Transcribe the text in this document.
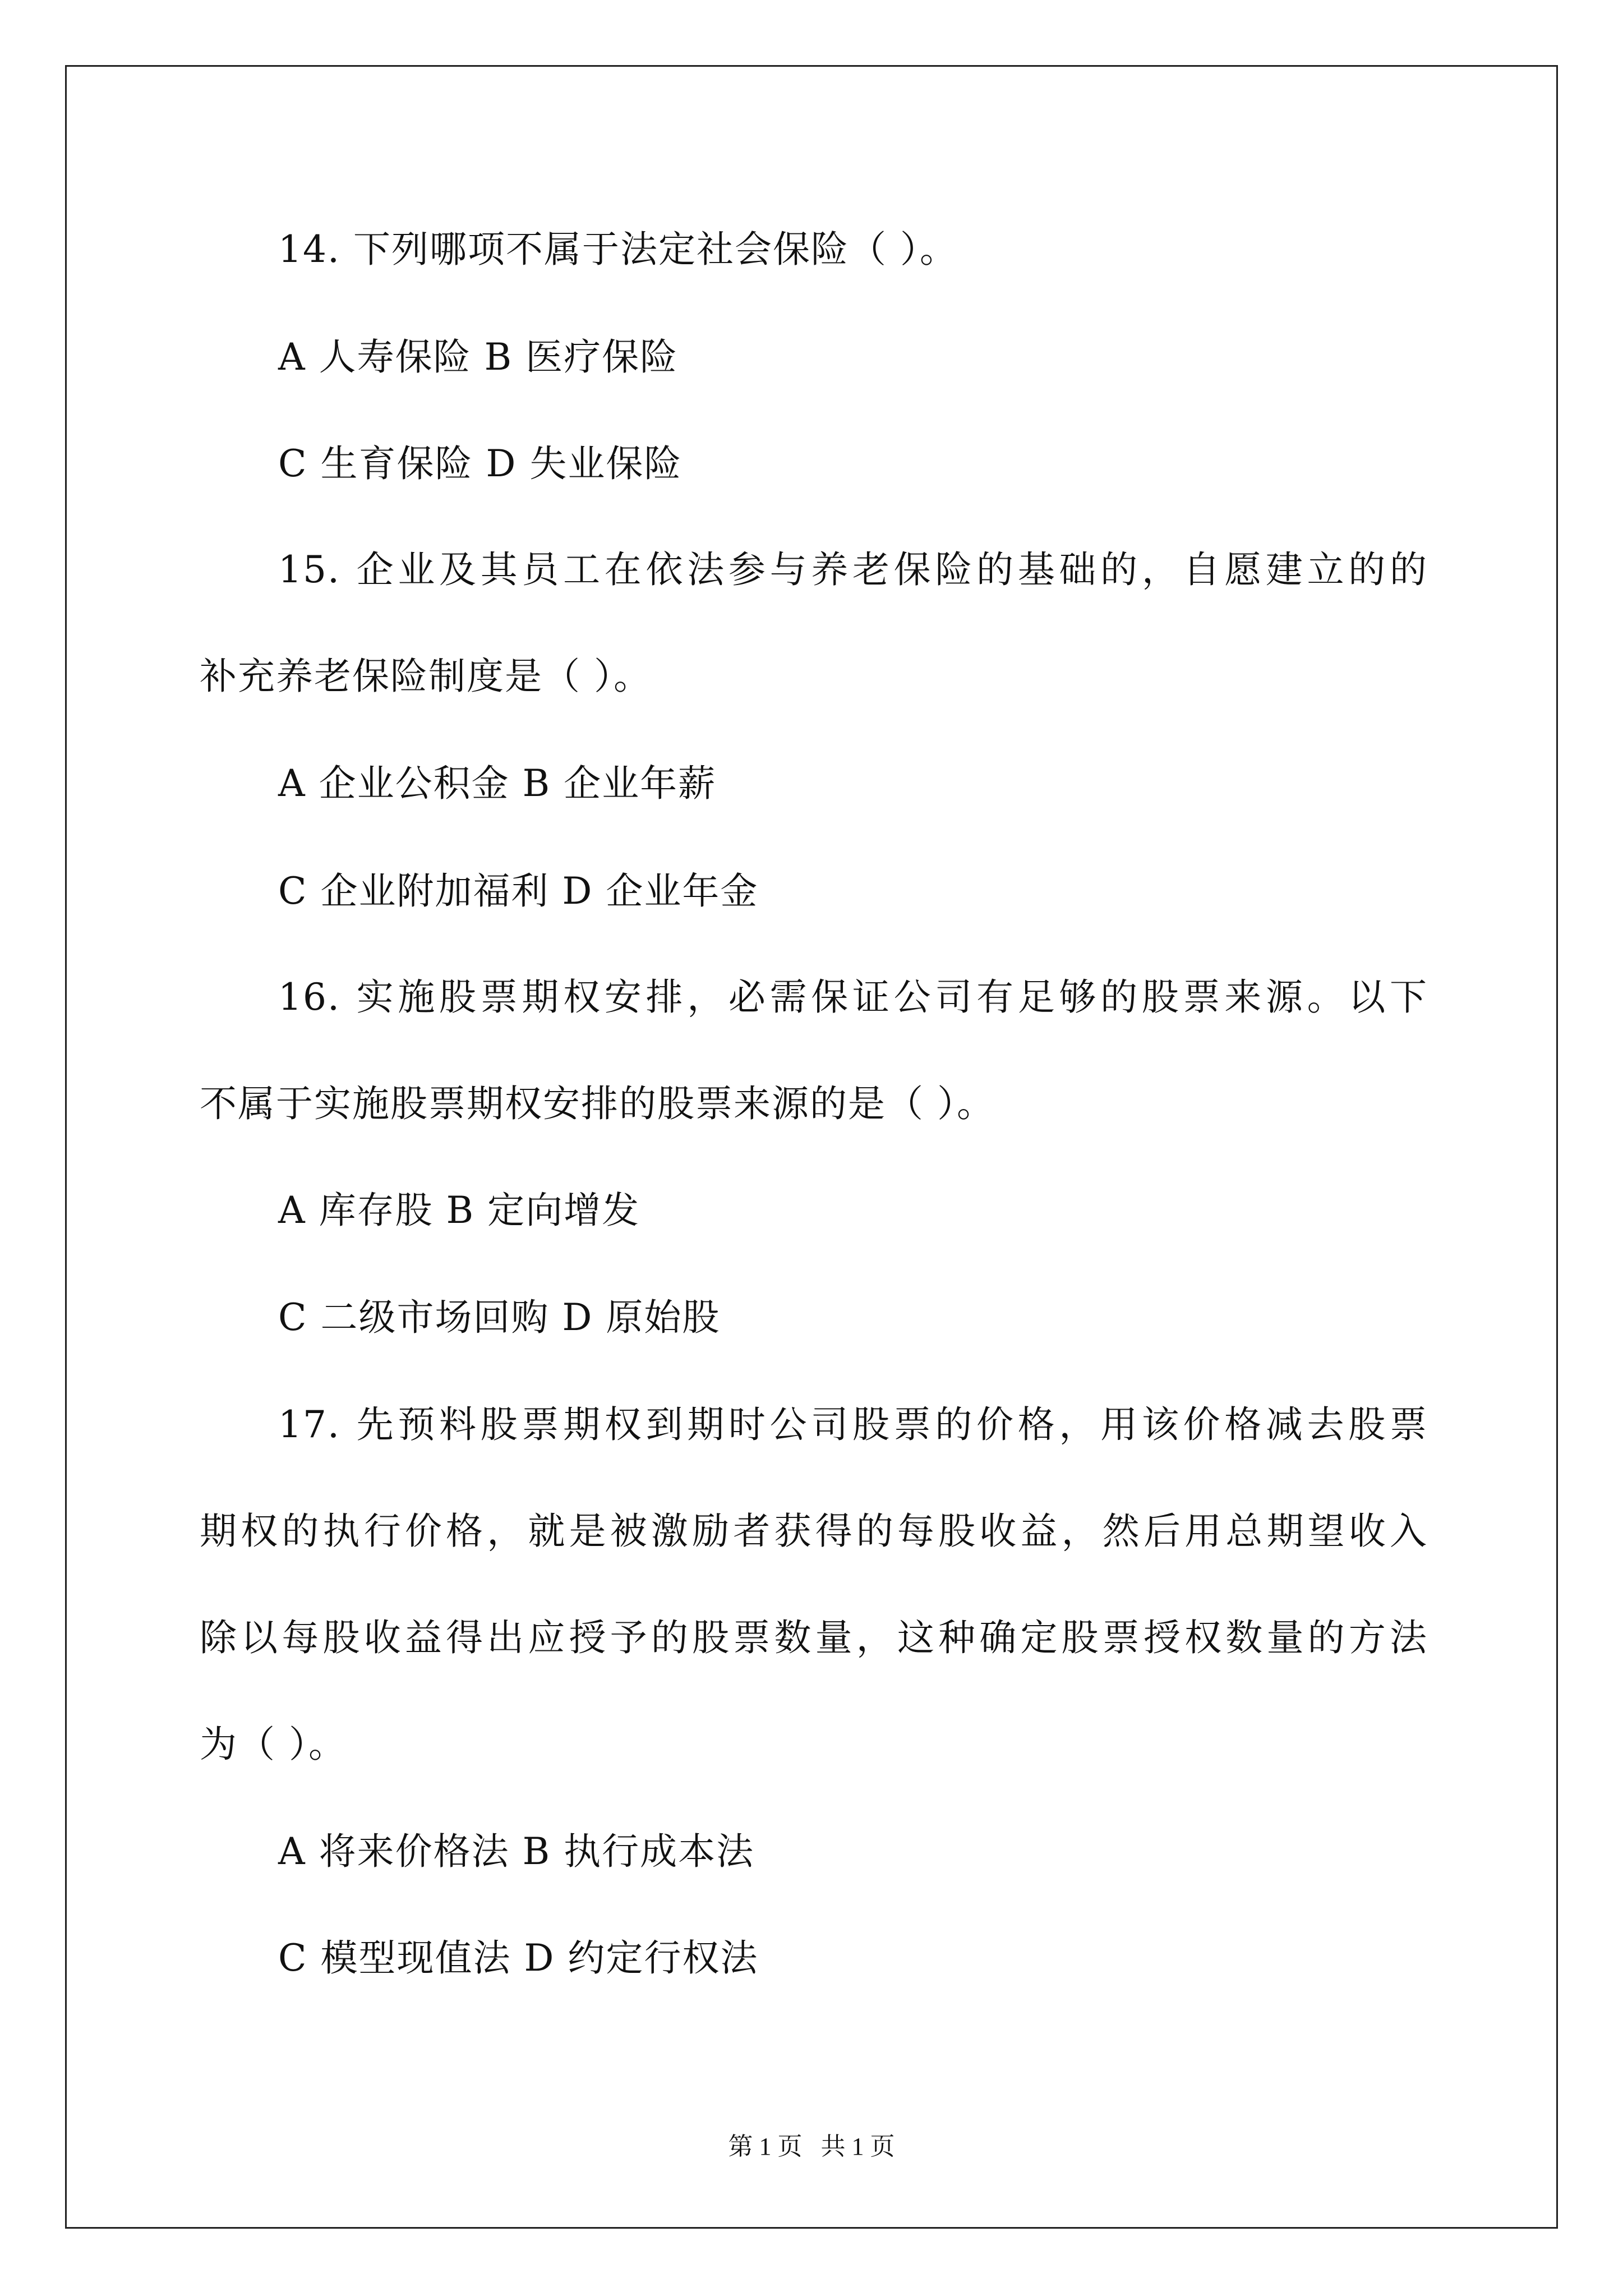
14. 下列哪项不属于法定社会保险（ ）。
A 人寿保险 B 医疗保险
C 生育保险 D 失业保险
15. 企业及其员工在依法参与养老保险的基础的，自愿建立的的
补充养老保险制度是（ ）。
A 企业公积金 B 企业年薪
C 企业附加福利 D 企业年金
16. 实施股票期权安排，必需保证公司有足够的股票来源。以下
不属于实施股票期权安排的股票来源的是（ ）。
A 库存股 B 定向增发
C 二级市场回购 D 原始股
17. 先预料股票期权到期时公司股票的价格，用该价格减去股票
期权的执行价格，就是被激励者获得的每股收益，然后用总期望收入
除以每股收益得出应授予的股票数量，这种确定股票授权数量的方法
为（ ）。
A 将来价格法 B 执行成本法
C 模型现值法 D 约定行权法
第 1 页   共 1 页
